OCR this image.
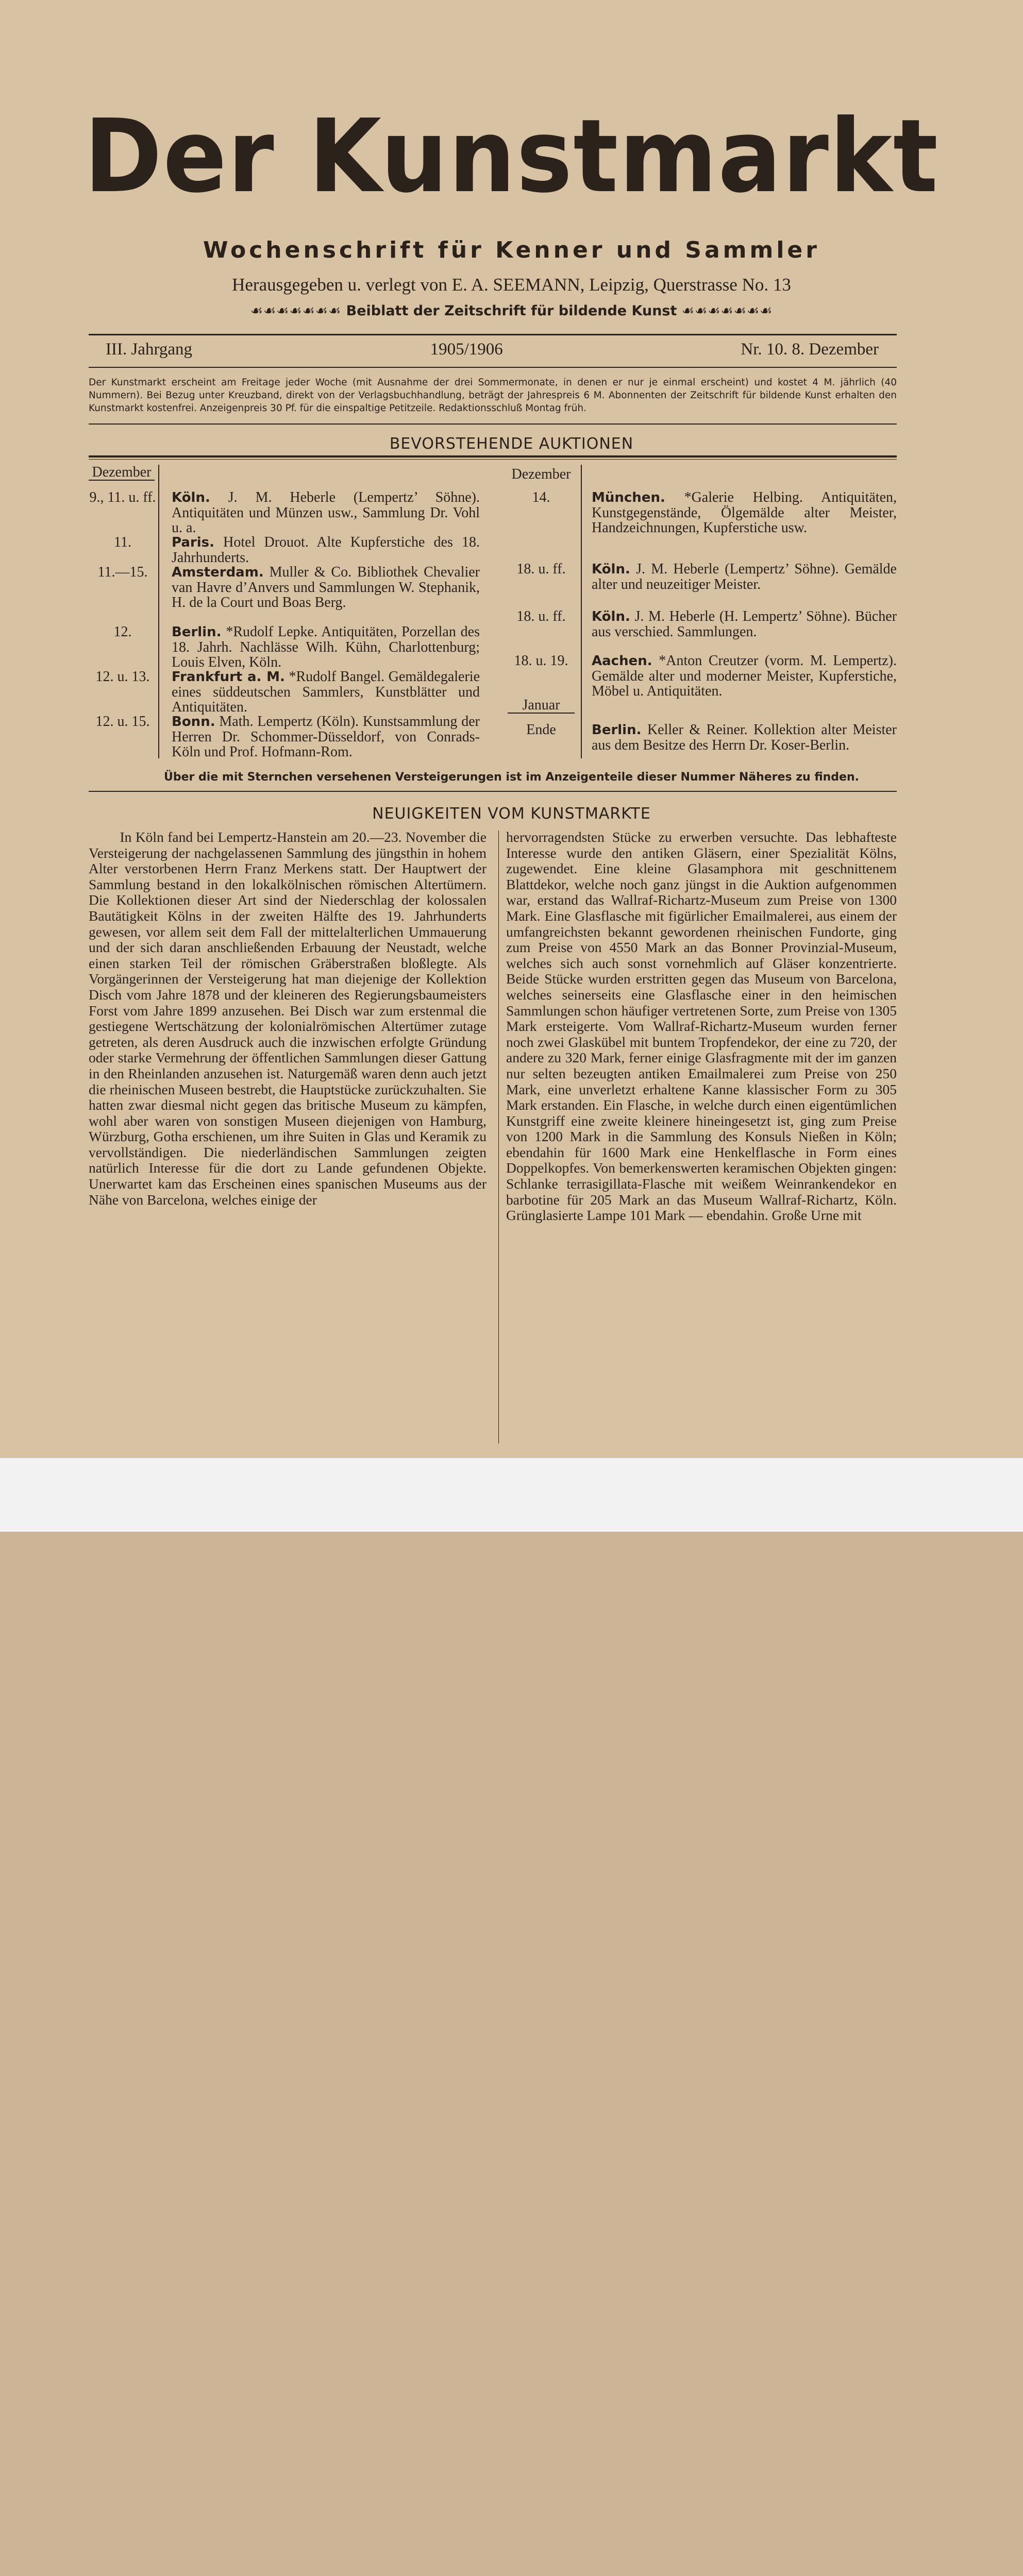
Der Kunstmarkt
Wochenschrift für Kenner und Sammler
Herausgegeben u. verlegt von E. A. SEEMANN, Leipzig, Querstrasse No. 13
☙☙☙☙☙☙☙ Beiblatt der Zeitschrift für bildende Kunst ☙☙☙☙☙☙☙
III. Jahrgang	1905/1906	Nr. 10. 8. Dezember
Der Kunstmarkt erscheint am Freitage jeder Woche (mit Ausnahme der drei Sommermonate, in denen er nur je einmal erscheint) und kostet 4 M. jährlich (40 Nummern). Bei Bezug unter Kreuzband, direkt von der Verlagsbuchhandlung, beträgt der Jahrespreis 6 M. Abonnenten der Zeitschrift für bildende Kunst erhalten den Kunstmarkt kostenfrei. Anzeigenpreis 30 Pf. für die einspaltige Petitzeile. Redaktionsschluß Montag früh.
BEVORSTEHENDE AUKTIONEN
Dezember	Dezember
Januar
9., 11. u. ff. Köln. J. M. Heberle (Lempertz’ Söhne). Antiquitäten und Münzen usw., Sammlung Dr. Vohl u. a.
11.	Paris. Hotel Drouot. Alte Kupferstiche des 18. Jahrhunderts.
11.—15.	Amsterdam. Muller & Co. Bibliothek Chevalier van Havre d’Anvers und Sammlungen W. Stephanik, H. de la Court und Boas Berg.
12.	Berlin. *Rudolf Lepke. Antiquitäten, Porzellan des 18. Jahrh. Nachlässe Wilh. Kühn, Charlottenburg; Louis Elven, Köln.
12. u. 13.	Frankfurt a. M. *Rudolf Bangel. Gemäldegalerie eines süddeutschen Sammlers, Kunstblätter und Antiquitäten.
12. u. 15.	Bonn. Math. Lempertz (Köln). Kunstsammlung der Herren Dr. Schommer-Düsseldorf, von Conrads-Köln und Prof. Hofmann-Rom.
14.	München. *Galerie Helbing. Antiquitäten, Kunstgegenstände, Ölgemälde alter Meister, Handzeichnungen, Kupferstiche usw.
18. u. ff.	Köln. J. M. Heberle (Lempertz’ Söhne). Gemälde alter und neuzeitiger Meister.
18. u. ff.	Köln. J. M. Heberle (H. Lempertz’ Söhne). Bücher aus verschied. Sammlungen.
18. u. 19.	Aachen. *Anton Creutzer (vorm. M. Lempertz). Gemälde alter und moderner Meister, Kupferstiche, Möbel u. Antiquitäten.
Ende	Berlin. Keller & Reiner. Kollektion alter Meister aus dem Besitze des Herrn Dr. Koser-Berlin.
Über die mit Sternchen versehenen Versteigerungen ist im Anzeigenteile dieser Nummer Näheres zu finden.
NEUIGKEITEN VOM KUNSTMARKTE

In Köln fand bei Lempertz-Hanstein am 20.—23. November die Versteigerung der nachgelassenen Sammlung des jüngsthin in hohem Alter verstorbenen Herrn Franz Merkens statt. Der Hauptwert der Sammlung bestand in den lokalkölnischen römischen Altertümern. Die Kollektionen dieser Art sind der Niederschlag der kolossalen Bautätigkeit Kölns in der zweiten Hälfte des 19. Jahrhunderts gewesen, vor allem seit dem Fall der mittelalterlichen Ummauerung und der sich daran anschließenden Erbauung der Neustadt, welche einen starken Teil der römischen Gräberstraßen bloßlegte. Als Vorgängerinnen der Versteigerung hat man diejenige der Kollektion Disch vom Jahre 1878 und der kleineren des Regierungsbaumeisters Forst vom Jahre 1899 anzusehen. Bei Disch war zum erstenmal die gestiegene Wertschätzung der kolonialrömischen Altertümer zutage getreten, als deren Ausdruck auch die inzwischen erfolgte Gründung oder starke Vermehrung der öffentlichen Sammlungen dieser Gattung in den Rheinlanden anzusehen ist. Naturgemäß waren denn auch jetzt die rheinischen Museen bestrebt, die Hauptstücke zurückzuhalten. Sie hatten zwar diesmal nicht gegen das britische Museum zu kämpfen, wohl aber waren von sonstigen Museen diejenigen von Hamburg, Würzburg, Gotha erschienen, um ihre Suiten in Glas und Keramik zu vervollständigen. Die niederländischen Sammlungen zeigten natürlich Interesse für die dort zu Lande gefundenen Objekte. Unerwartet kam das Erscheinen eines spanischen Museums aus der Nähe von Barcelona, welches einige der

hervorragendsten Stücke zu erwerben versuchte. Das lebhafteste Interesse wurde den antiken Gläsern, einer Spezialität Kölns, zugewendet. Eine kleine Glasamphora mit geschnittenem Blattdekor, welche noch ganz jüngst in die Auktion aufgenommen war, erstand das Wallraf-Richartz-Museum zum Preise von 1300 Mark. Eine Glasflasche mit figürlicher Emailmalerei, aus einem der umfangreichsten bekannt gewordenen rheinischen Fundorte, ging zum Preise von 4550 Mark an das Bonner Provinzial-Museum, welches sich auch sonst vornehmlich auf Gläser konzentrierte. Beide Stücke wurden erstritten gegen das Museum von Barcelona, welches seinerseits eine Glasflasche einer in den heimischen Sammlungen schon häufiger vertretenen Sorte, zum Preise von 1305 Mark ersteigerte. Vom Wallraf-Richartz-Museum wurden ferner noch zwei Glaskübel mit buntem Tropfendekor, der eine zu 720, der andere zu 320 Mark, ferner einige Glasfragmente mit der im ganzen nur selten bezeugten antiken Emailmalerei zum Preise von 250 Mark, eine unverletzt erhaltene Kanne klassischer Form zu 305 Mark erstanden. Ein Flasche, in welche durch einen eigentümlichen Kunstgriff eine zweite kleinere hineingesetzt ist, ging zum Preise von 1200 Mark in die Sammlung des Konsuls Nießen in Köln; ebendahin für 1600 Mark eine Henkelflasche in Form eines Doppelkopfes. Von bemerkenswerten keramischen Objekten gingen: Schlanke terrasigillata-Flasche mit weißem Weinrankendekor en barbotine für 205 Mark an das Museum Wallraf-Richartz, Köln. Grünglasierte Lampe 101 Mark — ebendahin. Große Urne mit
